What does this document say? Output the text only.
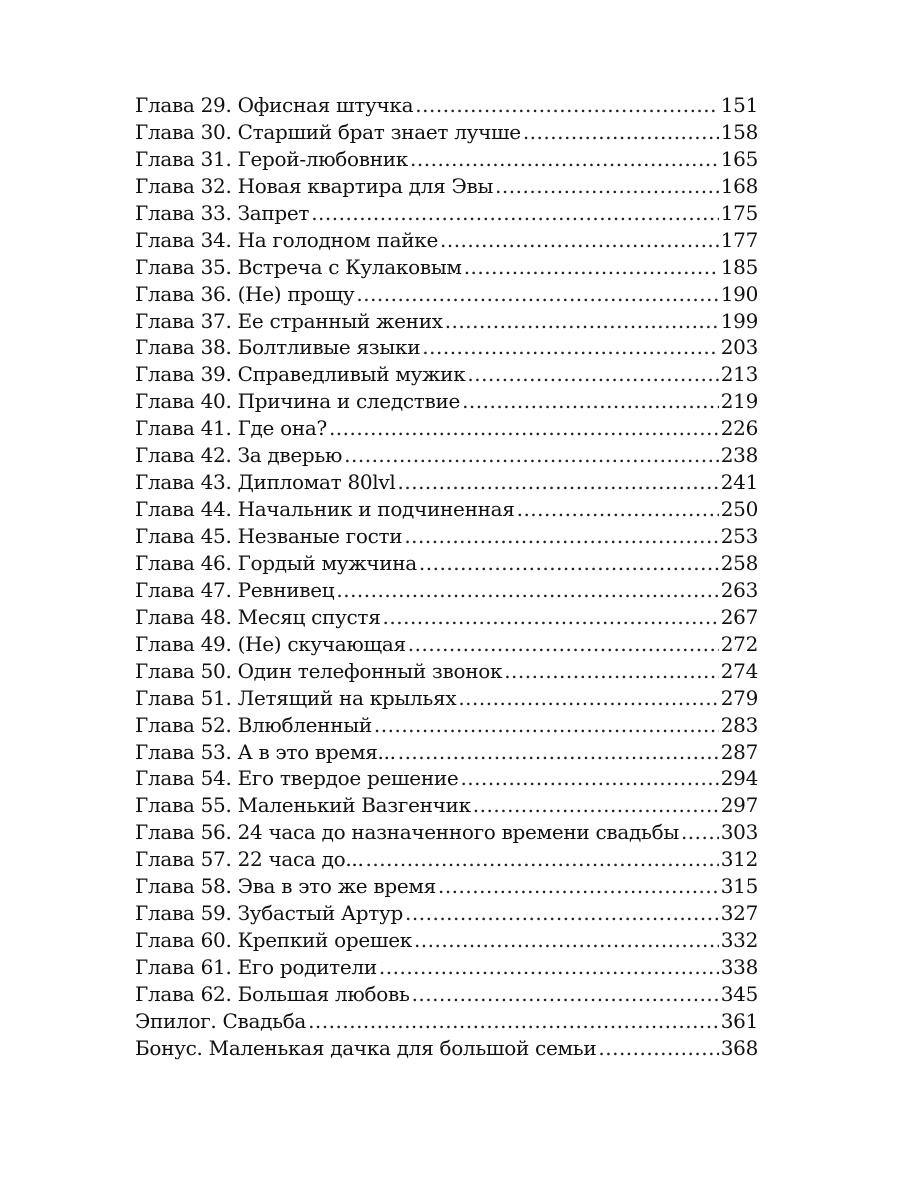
Глава 29. Офисная штучка .....	151
Глава 30. Старший брат знает лучше .....	158
Глава 31. Герой-любовник .....	165
Глава 32. Новая квартира для Эвы .....	168
Глава 33. Запрет .....	175
Глава 34. На голодном пайке .....	177
Глава 35. Встреча с Кулаковым .....	185
Глава 36. (Не) прощу .....	190
Глава 37. Ее странный жених .....	199
Глава 38. Болтливые языки .....	203
Глава 39. Справедливый мужик .....	213
Глава 40. Причина и следствие .....	219
Глава 41. Где она? .....	226
Глава 42. За дверью .....	238
Глава 43. Дипломат 80lvl .....	241
Глава 44. Начальник и подчиненная .....	250
Глава 45. Незваные гости .....	253
Глава 46. Гордый мужчина .....	258
Глава 47. Ревнивец .....	263
Глава 48. Месяц спустя .....	267
Глава 49. (Не) скучающая .....	272
Глава 50. Один телефонный звонок .....	274
Глава 51. Летящий на крыльях .....	279
Глава 52. Влюбленный .....	283
Глава 53. А в это время... .....	287
Глава 54. Его твердое решение .....	294
Глава 55. Маленький Вазгенчик .....	297
Глава 56. 24 часа до назначенного времени свадьбы ..... 303
Глава 57. 22 часа до... .....	312
Глава 58. Эва в это же время .....	315
Глава 59. Зубастый Артур .....	327
Глава 60. Крепкий орешек .....	332
Глава 61. Его родители .....	338
Глава 62. Большая любовь .....	345
Эпилог. Свадьба .....	361
Бонус. Маленькая дачка для большой семьи .....	368
